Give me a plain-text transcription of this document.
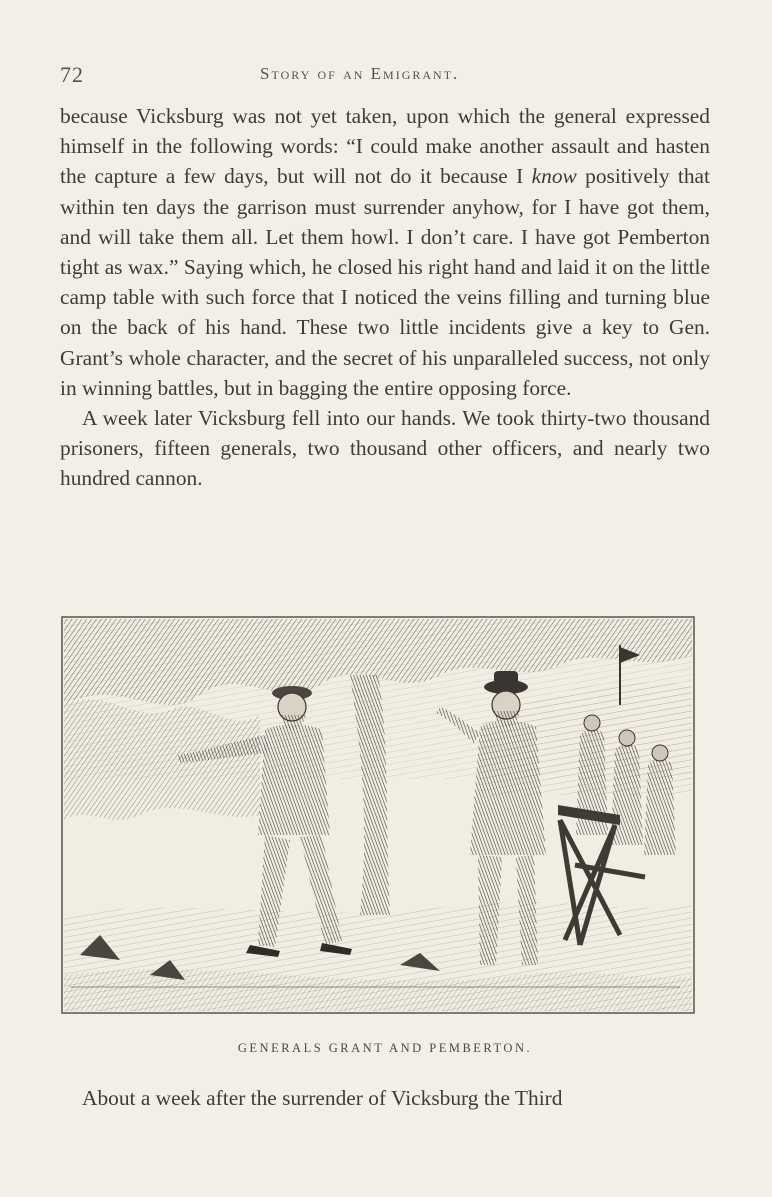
72	Story of an Emigrant.

because Vicksburg was not yet taken, upon which the general expressed himself in the following words: “I could make another assault and hasten the capture a few days, but will not do it because I know positively that within ten days the garrison must surrender anyhow, for I have got them, and will take them all. Let them howl. I don’t care. I have got Pemberton tight as wax.” Saying which, he closed his right hand and laid it on the little camp table with such force that I noticed the veins filling and turning blue on the back of his hand. These two little incidents give a key to Gen. Grant’s whole character, and the secret of his unparalleled success, not only in winning battles, but in bagging the entire opposing force.

A week later Vicksburg fell into our hands. We took thirty-two thousand prisoners, fifteen generals, two thousand other officers, and nearly two hundred cannon.

GENERALS GRANT AND PEMBERTON.
About a week after the surrender of Vicksburg the Third
